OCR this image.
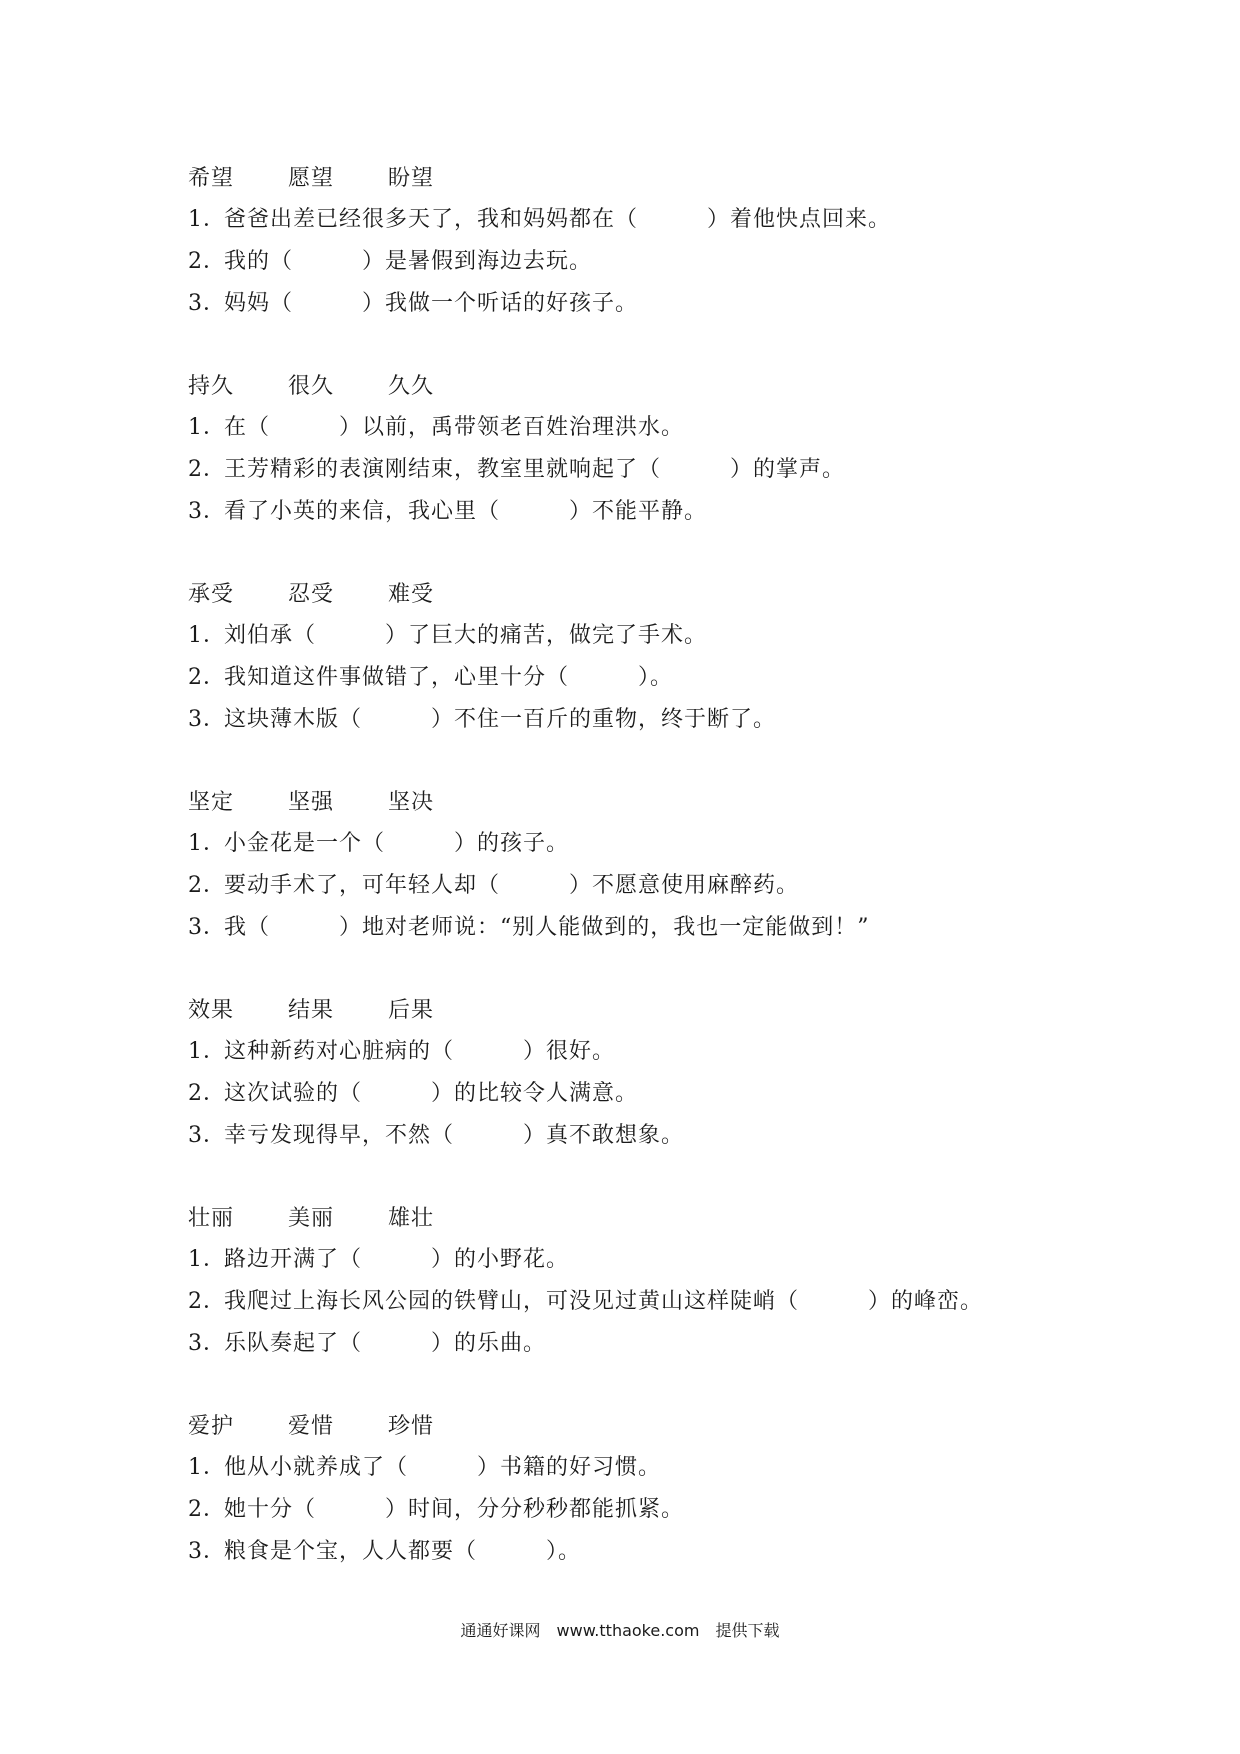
希望	愿望	盼望
1．
爸爸出差已经很多天了，我和妈妈都在（　　　）着他快点回来。
2．
我的（　　　）是暑假到海边去玩。
3．
妈妈（　　　）我做一个听话的好孩子。
持久	很久	久久
1．
在（　　　）以前，禹带领老百姓治理洪水。
2．
王芳精彩的表演刚结束，教室里就响起了（　　　）的掌声。
3．
看了小英的来信，我心里（　　　）不能平静。
承受	忍受	难受
1．
刘伯承（　　　）了巨大的痛苦，做完了手术。
2．
我知道这件事做错了，心里十分（　　　）。
3．
这块薄木版（　　　）不住一百斤的重物，终于断了。
坚定	坚强	坚决
1．
小金花是一个（　　　）的孩子。
2．
要动手术了，可年轻人却（　　　）不愿意使用麻醉药。
3．
我（　　　）地对老师说：“别人能做到的，我也一定能做到！”
效果	结果	后果
1．
这种新药对心脏病的（　　　）很好。
2．
这次试验的（　　　）的比较令人满意。
3．
幸亏发现得早，不然（　　　）真不敢想象。
壮丽	美丽	雄壮
1．
路边开满了（　　　）的小野花。
2．
我爬过上海长风公园的铁臂山，可没见过黄山这样陡峭（　　　）的峰峦。
3．
乐队奏起了（　　　）的乐曲。
爱护	爱惜	珍惜
1．
他从小就养成了（　　　）书籍的好习惯。
2．
她十分（　　　）时间，分分秒秒都能抓紧。
3．
粮食是个宝，人人都要（　　　）。
通通好课网　www.tthaoke.com　提供下载
